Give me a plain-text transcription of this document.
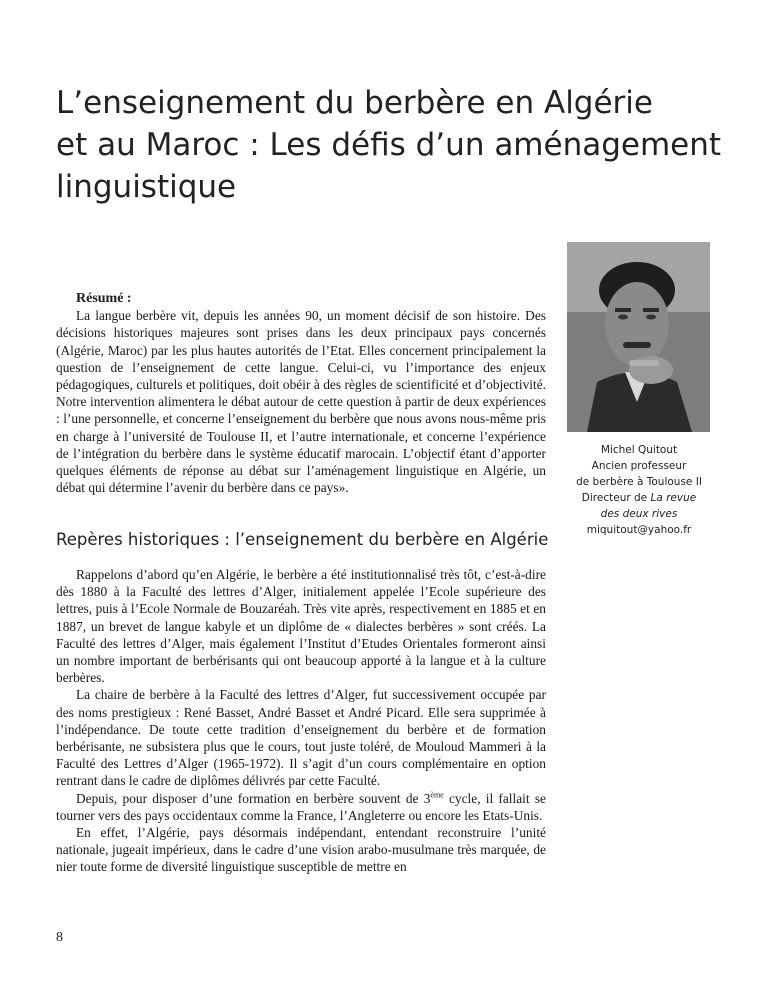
L’enseignement du berbère en Algérie
et au Maroc : Les défis d’un aménagement
linguistique
Michel Quitout
Ancien professeur
de berbère à Toulouse II
Directeur de La revue
des deux rives
miquitout@yahoo.fr
Résumé :

La langue berbère vit, depuis les années 90, un moment décisif de son histoire. Des décisions historiques majeures sont prises dans les deux principaux pays concernés (Algérie, Maroc) par les plus hautes autorités de l’Etat. Elles concernent principalement la question de l’enseignement de cette langue. Celui-ci, vu l’importance des enjeux pédagogiques, culturels et politiques, doit obéir à des règles de scientificité et d’objectivité. Notre intervention alimentera le débat autour de cette question à partir de deux expériences : l’une personnelle, et concerne l’enseignement du berbère que nous avons nous-même pris en charge à l’université de Toulouse II, et l’autre internationale, et concerne l’expérience de l’intégration du berbère dans le système éducatif marocain. L’objectif étant d’apporter quelques éléments de réponse au débat sur l’aménagement linguistique en Algérie, un débat qui détermine l’avenir du berbère dans ce pays».

Repères historiques : l’enseignement du berbère en Algérie

Rappelons d’abord qu’en Algérie, le berbère a été institutionnalisé très tôt, c’est-à-dire dès 1880 à la Faculté des lettres d’Alger, initialement appelée l’Ecole supérieure des lettres, puis à l’Ecole Normale de Bouzaréah. Très vite après, respectivement en 1885 et en 1887, un brevet de langue kabyle et un diplôme de « dialectes berbères » sont créés. La Faculté des lettres d’Alger, mais également l’Institut d’Etudes Orientales formeront ainsi un nombre important de berbérisants qui ont beaucoup apporté à la langue et à la culture berbères.

La chaire de berbère à la Faculté des lettres d’Alger, fut successivement occupée par des noms prestigieux : René Basset, André Basset et André Picard. Elle sera supprimée à l’indépendance. De toute cette tradition d’enseignement du berbère et de formation berbérisante, ne subsistera plus que le cours, tout juste toléré, de Mouloud Mammeri à la Faculté des Lettres d’Alger (1965-1972). Il s’agit d’un cours complémentaire en option rentrant dans le cadre de diplômes délivrés par cette Faculté.

Depuis, pour disposer d’une formation en berbère souvent de 3ème cycle, il fallait se tourner vers des pays occidentaux comme la France, l’Angleterre ou encore les Etats-Unis.

En effet, l’Algérie, pays désormais indépendant, entendant reconstruire l’unité nationale, jugeait impérieux, dans le cadre d’une vision arabo-musulmane très marquée, de nier toute forme de diversité linguistique susceptible de mettre en

8
